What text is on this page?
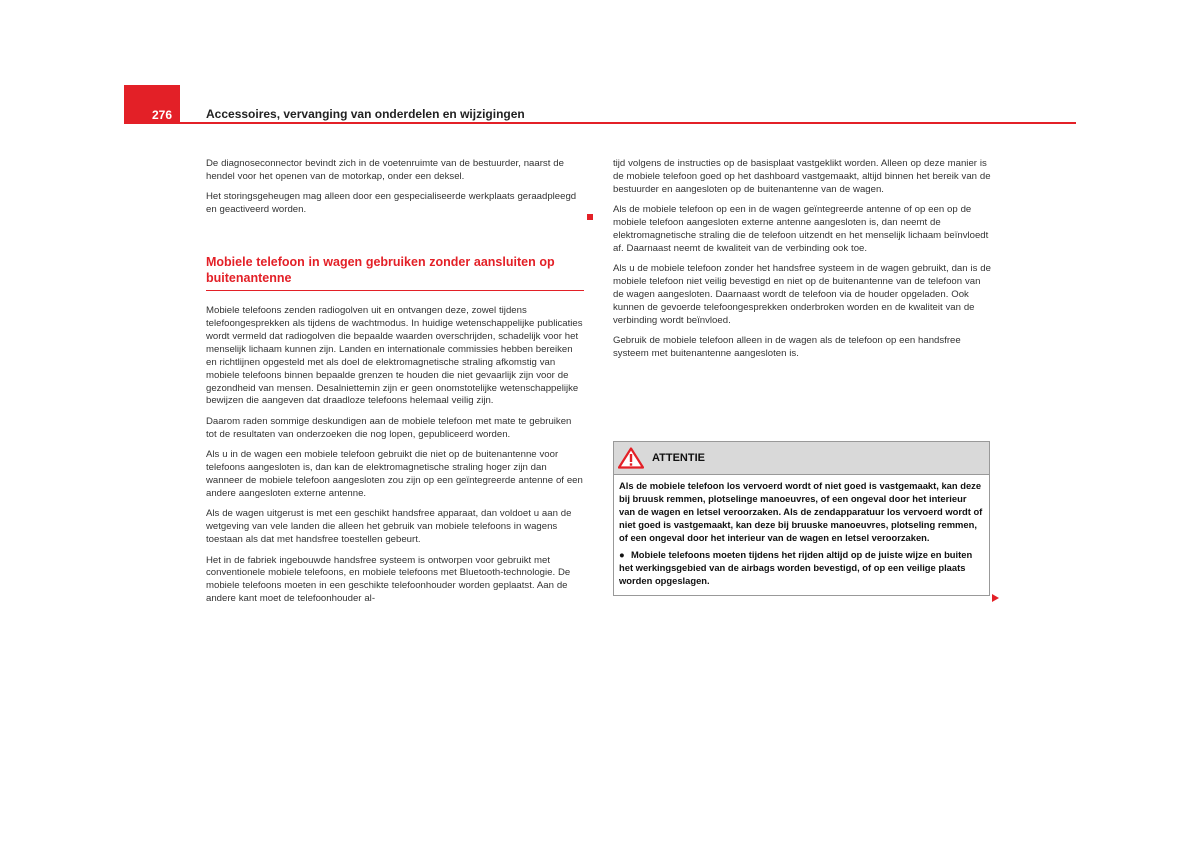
276	Accessoires, vervanging van onderdelen en wijzigingen

De diagnoseconnector bevindt zich in de voetenruimte van de bestuurder, naarst de hendel voor het openen van de motorkap, onder een deksel.

Het storingsgeheugen mag alleen door een gespecialiseerde werkplaats geraadpleegd en geactiveerd worden.

Mobiele telefoon in wagen gebruiken zonder aansluiten op buitenantenne

Mobiele telefoons zenden radiogolven uit en ontvangen deze, zowel tijdens telefoongesprekken als tijdens de wachtmodus. In huidige wetenschappelijke publicaties wordt vermeld dat radiogolven die bepaalde waarden overschrijden, schadelijk voor het menselijk lichaam kunnen zijn. Landen en internationale commissies hebben bereiken en richtlijnen opgesteld met als doel de elektromagnetische straling afkomstig van mobiele telefoons binnen bepaalde grenzen te houden die niet gevaarlijk zijn voor de gezondheid van mensen. Desalniettemin zijn er geen onomstotelijke wetenschappelijke bewijzen die aangeven dat draadloze telefoons helemaal veilig zijn.

Daarom raden sommige deskundigen aan de mobiele telefoon met mate te gebruiken tot de resultaten van onderzoeken die nog lopen, gepubliceerd worden.

Als u in de wagen een mobiele telefoon gebruikt die niet op de buitenantenne voor telefoons aangesloten is, dan kan de elektromagnetische straling hoger zijn dan wanneer de mobiele telefoon aangesloten zou zijn op een geïntegreerde antenne of een andere aangesloten externe antenne.

Als de wagen uitgerust is met een geschikt handsfree apparaat, dan voldoet u aan de wetgeving van vele landen die alleen het gebruik van mobiele telefoons in wagens toestaan als dat met handsfree toestellen gebeurt.

Het in de fabriek ingebouwde handsfree systeem is ontworpen voor gebruikt met conventionele mobiele telefoons, en mobiele telefoons met Bluetooth-technologie. De mobiele telefoons moeten in een geschikte telefoonhouder worden geplaatst. Aan de andere kant moet de telefoonhouder al-

tijd volgens de instructies op de basisplaat vastgeklikt worden. Alleen op deze manier is de mobiele telefoon goed op het dashboard vastgemaakt, altijd binnen het bereik van de bestuurder en aangesloten op de buitenantenne van de wagen.

Als de mobiele telefoon op een in de wagen geïntegreerde antenne of op een op de mobiele telefoon aangesloten externe antenne aangesloten is, dan neemt de elektromagnetische straling die de telefoon uitzendt en het menselijk lichaam beïnvloedt af. Daarnaast neemt de kwaliteit van de verbinding ook toe.

Als u de mobiele telefoon zonder het handsfree systeem in de wagen gebruikt, dan is de mobiele telefoon niet veilig bevestigd en niet op de buitenantenne van de telefoon van de wagen aangesloten. Daarnaast wordt de telefoon via de houder opgeladen. Ook kunnen de gevoerde telefoongesprekken onderbroken worden en de kwaliteit van de verbinding wordt beïnvloed.

Gebruik de mobiele telefoon alleen in de wagen als de telefoon op een handsfree systeem met buitenantenne aangesloten is.

ATTENTIE

Als de mobiele telefoon los vervoerd wordt of niet goed is vastgemaakt, kan deze bij bruusk remmen, plotselinge manoeuvres, of een ongeval door het interieur van de wagen en letsel veroorzaken. Als de zendapparatuur los vervoerd wordt of niet goed is vastgemaakt, kan deze bij bruuske manoeuvres, plotseling remmen, of een ongeval door het interieur van de wagen en letsel veroorzaken.

● Mobiele telefoons moeten tijdens het rijden altijd op de juiste wijze en buiten het werkingsgebied van de airbags worden bevestigd, of op een veilige plaats worden opgeslagen.
